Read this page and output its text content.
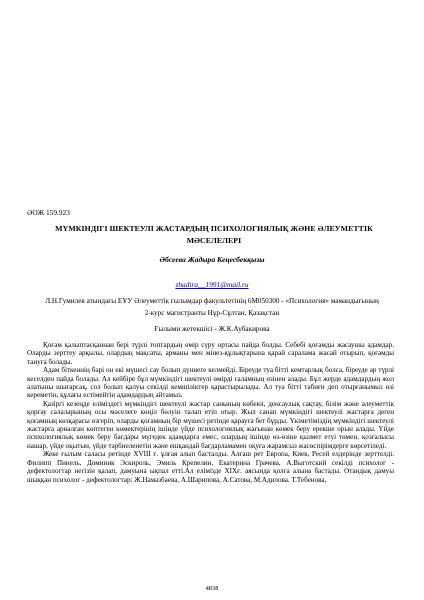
ӘОЖ 159.923
МҮМКІНДІГІ ШЕКТЕУЛІ ЖАСТАРДЫҢ ПСИХОЛОГИЯЛЫҚ ЖӘНЕ ӘЛЕУМЕТТІК МӘСЕЛЕЛЕРІ
Әбсеева Жадыра Кеңесбекқызы
zhadira__1991@mail.ru
Л.Н.Гумилев атындағы ЕҰУ Әлеуметтік ғылымдар факультетінің 6М050300 - «Психология» мамандығының 2-курс магистранты Нұр-Сұлтан, Қазақстан
Ғылыми жетекшісі - Ж.К.Аубакирова

Қоғам қалыптасқаннан бері түрлі топтардың өмір сүру ортасы пайда болды. Себебі қоғамды жасаушы адамдар. Оларды зерттеу арқылы, олардың мақсаты, арманы мен мінез-құлықтарына қарай саралама жасай отырып, қоғамды тануға болады.

Адам біткеннің бәрі он екі мүшесі сау болып дүниеге келмейді. Біреуде туа бітті кемтарлық болса, біреуде әр түрлі кеселден пайда болады. Ал кейбіре бұл мүмкіндігі шектеулі өмірді ғаламның өзінен алады. Бұл жерде адамдардың жол алатыны шығарсақ, сол болып қалуы секілді кемшіліктер қарастырылады. Ал туа бітті табиғи деп отырғанымыз өзі кереметін, құлағы естімейтін адамдардың айтамыз.

Қазіргі кезеңде еліміздегі мүмкіндігі шектеулі жастар санының көбеюі, денсаулық сақтау, білім және әлеуметтік қорғау салаларының осы мәселеге көңіл бөлуін талап етіп отыр. Жыл санап мүмкіндігі шектеулі жастарға деген қоғамның көзқарасы өзгеріп, оларды қоғамның бір мүшесі ретінде қарауға бет бұрды. Үкіметіміздің мүмкіндігі шектеулі жастарға арналған көптеген көмектерінің ішінде үйде психологиялық жағынан көмек беру ерекше орын алады. Үйде психологиялық көмек беру бағдары мүгедек адамдарға емес, олардың ішінде өз-өзіне қызмет етуі төмен, қозғалысы нашар, үйде оқытын, үйде тәрбиеленетін және ешқандай бағдарламамен оқуға жарамсыз жасөспірімдерге көрсетіледі.

Жеке ғылым саласы ретінде XVIII ғ. ұлғая алып басталды. Алғаш рет Европа, Киев, Ресей елдерінде зерттелді. Филипп Пинель, Доминик Эскироль, Эмиль Крепелин, Екатерина Грачева, А.Выготский секілді психолог - дефектологтар негізін қалап, дамуына ықпал етті.Ал елімізде XIXғ. аясында қолға алына бастады. Отандық дамуы шыққан психолог - дефектологтар: Ж.Намазбаева, А.Шарипова, А.Сатова, М.Адилова. Т.Тебенова,

4838
